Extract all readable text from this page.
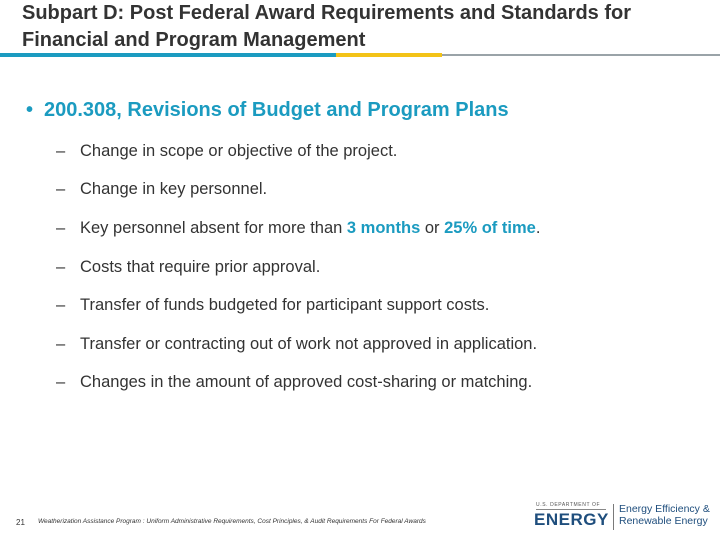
Subpart D: Post Federal Award Requirements and Standards for
Financial and Program Management
• 200.308, Revisions of Budget and Program Plans
– Change in scope or objective of the project.
– Change in key personnel.
– Key personnel absent for more than 3 months or 25% of time.
– Costs that require prior approval.
– Transfer of funds budgeted for participant support costs.
– Transfer or contracting out of work not approved in application.
– Changes in the amount of approved cost-sharing or matching.
21 Weatherization Assistance Program : Uniform Administrative Requirements, Cost Principles, & Audit Requirements For Federal Awards
U.S. DEPARTMENT OF
ENERGY
Energy Efficiency &
Renewable Energy
